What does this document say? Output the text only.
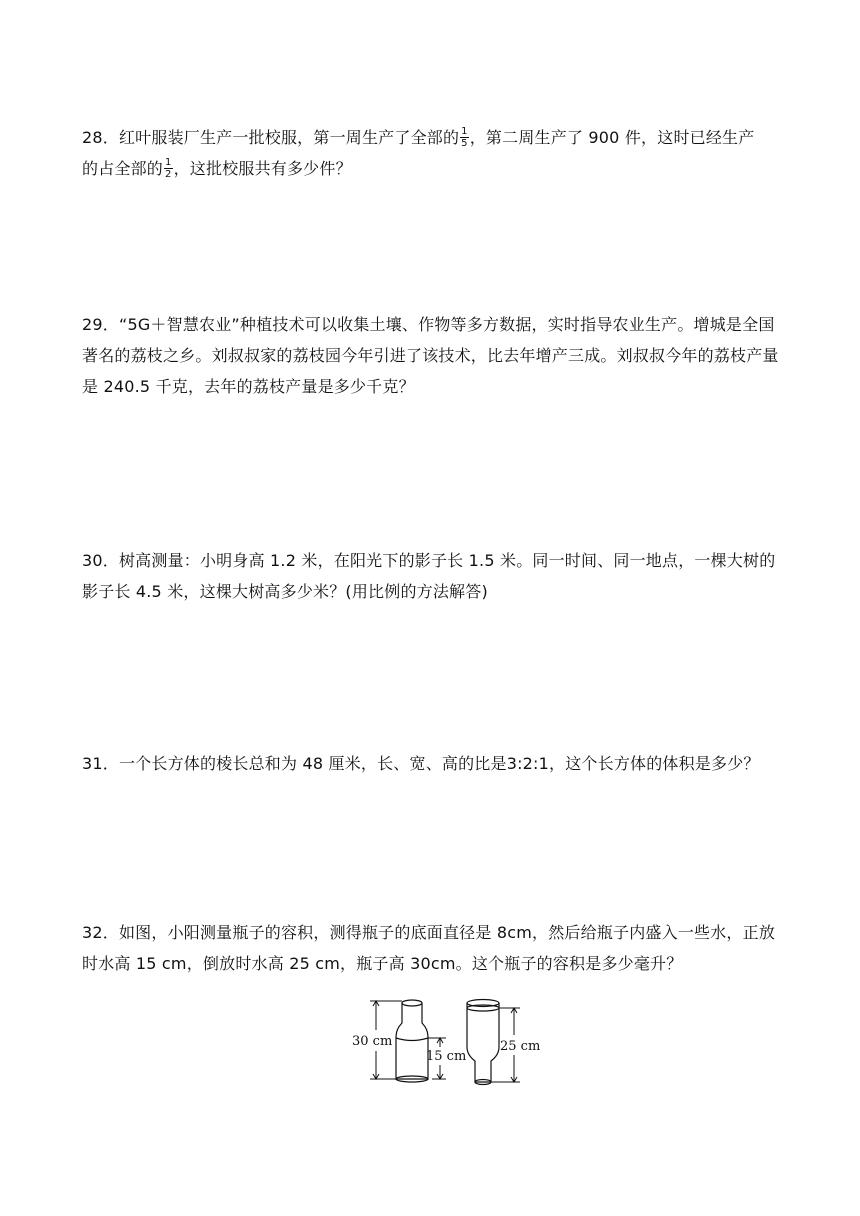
28．红叶服装厂生产一批校服，第一周生产了全部的 $\frac{1}{5}$ ，第二周生产了 900 件，这时已经生产
的占全部的 $\frac{1}{2}$ ，这批校服共有多少件？

29．“5G＋智慧农业”种植技术可以收集土壤、作物等多方数据，实时指导农业生产。增城是全国著名的荔枝之乡。刘叔叔家的荔枝园今年引进了该技术，比去年增产三成。刘叔叔今年的荔枝产量是 240.5 千克，去年的荔枝产量是多少千克？

30．树高测量：小明身高 1.2 米，在阳光下的影子长 1.5 米。同一时间、同一地点，一棵大树的影子长 4.5 米，这棵大树高多少米？(用比例的方法解答)

31．一个长方体的棱长总和为 48 厘米，长、宽、高的比是3:2:1，这个长方体的体积是多少？

32．如图，小阳测量瓶子的容积，测得瓶子的底面直径是 8cm，然后给瓶子内盛入一些水，正放时水高 15 cm，倒放时水高 25 cm，瓶子高 30cm。这个瓶子的容积是多少毫升？

30 cm
15 cm
25 cm
